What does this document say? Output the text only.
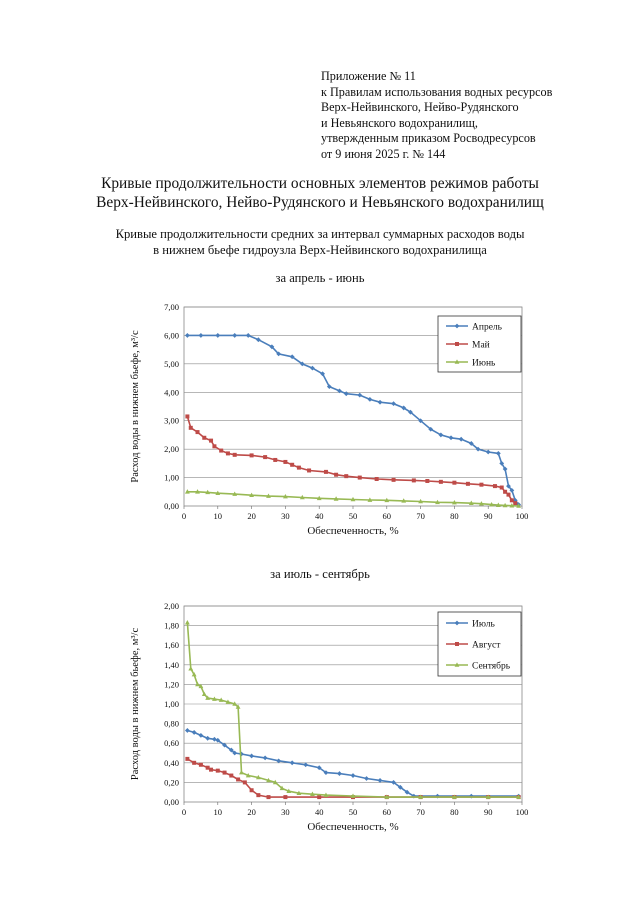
Приложение № 11
к Правилам использования водных ресурсов
Верх-Нейвинского, Нейво-Рудянского
и Невьянского водохранилищ,
утвержденным приказом Росводресурсов
от 9 июня 2025 г. № 144
Кривые продолжительности основных элементов режимов работы
Верх-Нейвинского, Нейво-Рудянского и Невьянского водохранилищ
Кривые продолжительности средних за интервал суммарных расходов воды
в нижнем бьефе гидроузла Верх-Нейвинского водохранилища
за апрель - июнь
0,00
1,00
2,00
3,00
4,00
5,00
6,00
7,00
0	10	20	30	40	50	60	70	80	90	100
Обеспеченность, %
Расход воды в нижнем бьефе, м³/с
Апрель
Май
Июнь
за июль - сентябрь
0,00
0,20
0,40
0,60
0,80
1,00
1,20
1,40
1,60
1,80
2,00
0	10	20	30	40	50	60	70	80	90	100
Обеспеченность, %
Расход воды в нижнем бьефе, м³/с
Июль
Август
Сентябрь
